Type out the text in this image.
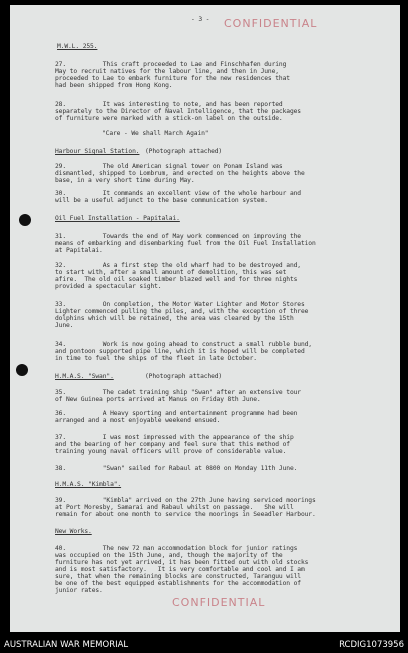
- 3 - CONFIDENTIAL
M.W.L. 255.
27.          This craft proceeded to Lae and Finschhafen during
May to recruit natives for the labour line, and then in June,
proceeded to Lae to embark furniture for the new residences that
had been shipped from Hong Kong.
28.          It was interesting to note, and has been reported
separately to the Director of Naval Intelligence, that the packages
of furniture were marked with a stick-on label on the outside.
"Care - We shall March Again"
Harbour Signal Station. (Photograph attached)
29.          The old American signal tower on Ponam Island was
dismantled, shipped to Lombrum, and erected on the heights above the
base, in a very short time during May.
30.          It commands an excellent view of the whole harbour and
will be a useful adjunct to the base communication system.
Oil Fuel Installation - Papitalai.
31.          Towards the end of May work commenced on improving the
means of embarking and disembarking fuel from the Oil Fuel Installation
at Papitalai.
32.          As a first step the old wharf had to be destroyed and,
to start with, after a small amount of demolition, this was set
afire.  The old oil soaked timber blazed well and for three nights
provided a spectacular sight.
33.          On completion, the Motor Water Lighter and Motor Stores
Lighter commenced pulling the piles, and, with the exception of three
dolphins which will be retained, the area was cleared by the 15th
June.
34.          Work is now going ahead to construct a small rubble bund,
and pontoon supported pipe line, which it is hoped will be completed
in time to fuel the ships of the fleet in late October.
H.M.A.S. "Swan".	(Photograph attached)
35.          The cadet training ship "Swan" after an extensive tour
of New Guinea ports arrived at Manus on Friday 8th June.
36.          A Heavy sporting and entertainment programme had been
arranged and a most enjoyable weekend ensued.
37.          I was most impressed with the appearance of the ship
and the bearing of her company and feel sure that this method of
training young naval officers will prove of considerable value.
38.          "Swan" sailed for Rabaul at 0800 on Monday 11th June.
H.M.A.S. "Kimbla".
39.          "Kimbla" arrived on the 27th June having serviced moorings
at Port Moresby, Samarai and Rabaul whilst on passage.   She will
remain for about one month to service the moorings in Seeadler Harbour.
New Works.
40.          The new 72 man accommodation block for junior ratings
was occupied on the 15th June, and, though the majority of the
furniture has not yet arrived, it has been fitted out with old stocks
and is most satisfactory.   It is very comfortable and cool and I am
sure, that when the remaining blocks are constructed, Taranguu will
be one of the best equipped establishments for the accommodation of
junior rates.
CONFIDENTIAL
AUSTRALIAN WAR MEMORIAL	RCDIG1073956
